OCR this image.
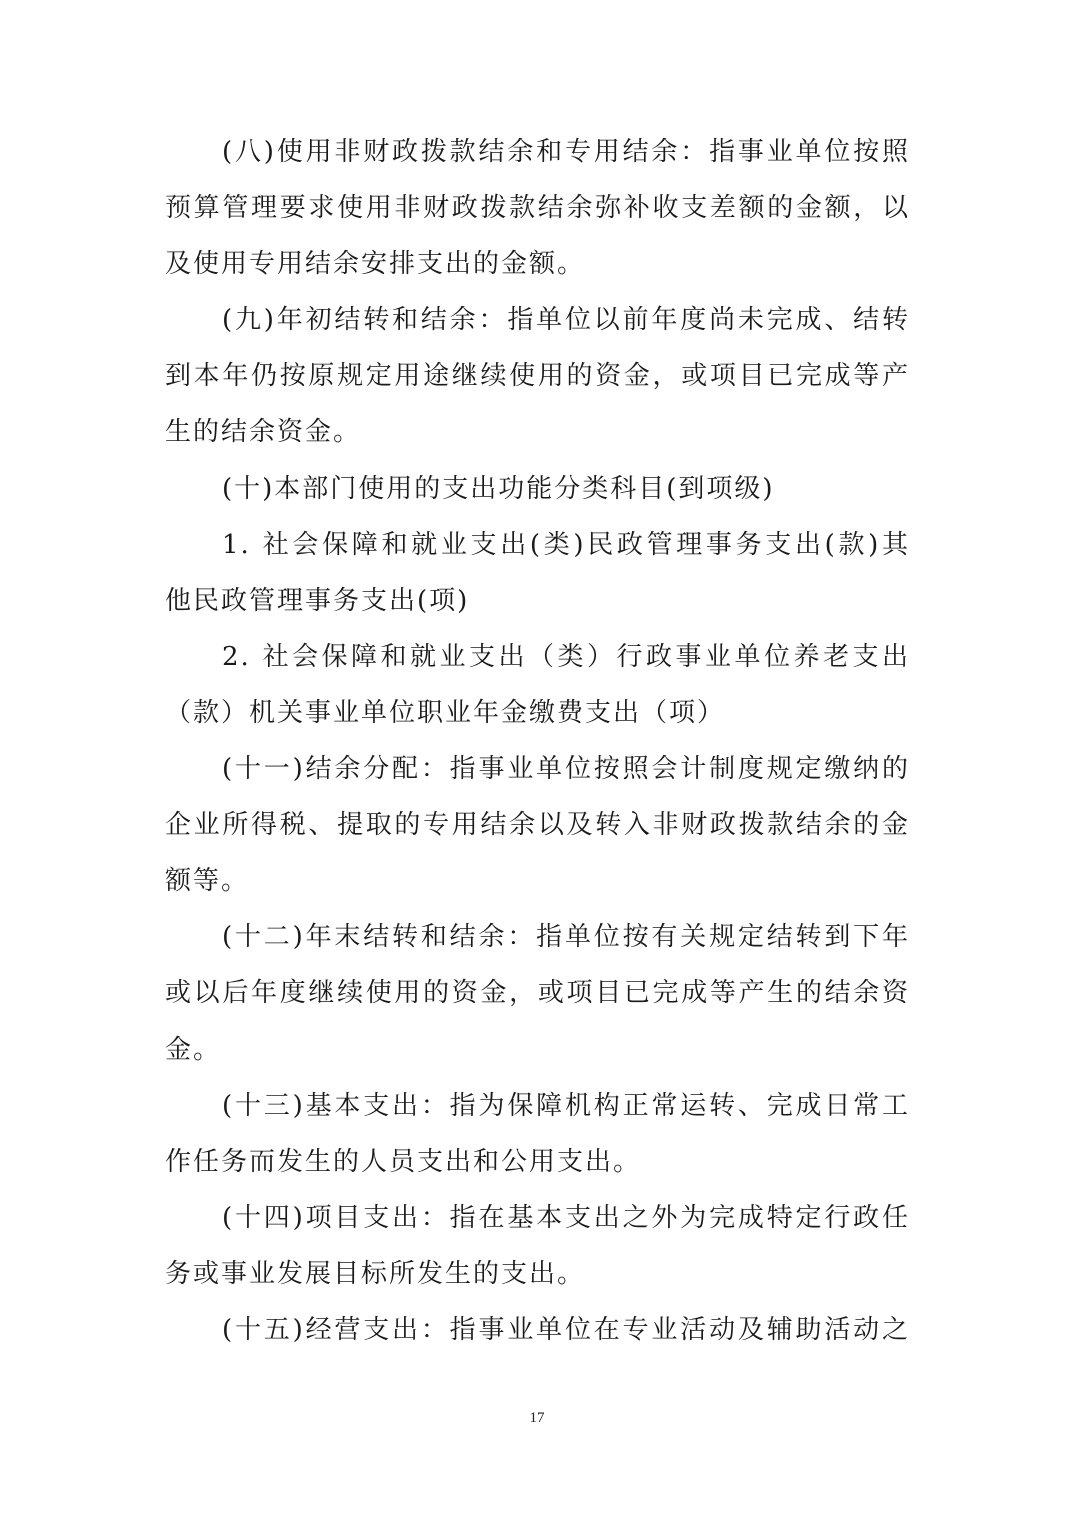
(八)使用非财政拨款结余和专用结余：指事业单位按照
预算管理要求使用非财政拨款结余弥补收支差额的金额，以
及使用专用结余安排支出的金额。
(九)年初结转和结余：指单位以前年度尚未完成、结转
到本年仍按原规定用途继续使用的资金，或项目已完成等产
生的结余资金。
(十)本部门使用的支出功能分类科目(到项级)
1. 社会保障和就业支出(类)民政管理事务支出(款)其
他民政管理事务支出(项)
2. 社会保障和就业支出（类）行政事业单位养老支出
（款）机关事业单位职业年金缴费支出（项）
(十一)结余分配：指事业单位按照会计制度规定缴纳的
企业所得税、提取的专用结余以及转入非财政拨款结余的金
额等。
(十二)年末结转和结余：指单位按有关规定结转到下年
或以后年度继续使用的资金，或项目已完成等产生的结余资
金。
(十三)基本支出：指为保障机构正常运转、完成日常工
作任务而发生的人员支出和公用支出。
(十四)项目支出：指在基本支出之外为完成特定行政任
务或事业发展目标所发生的支出。
(十五)经营支出：指事业单位在专业活动及辅助活动之
17
